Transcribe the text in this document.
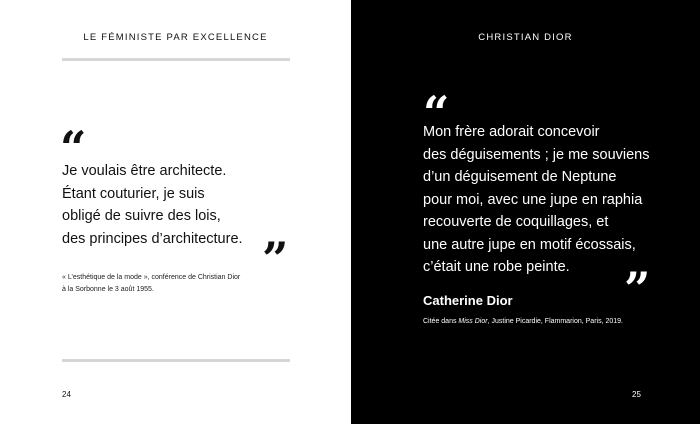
LE FÉMINISTE PAR EXCELLENCE
“
Je voulais être architecte.
Étant couturier, je suis
obligé de suivre des lois,
des principes d’architecture. ”
« L’esthétique de la mode », conférence de Christian Dior
à la Sorbonne le 3 août 1955.
24
CHRISTIAN DIOR
“
Mon frère adorait concevoir
des déguisements ; je me souviens
d’un déguisement de Neptune
pour moi, avec une jupe en raphia
recouverte de coquillages, et
une autre jupe en motif écossais,
c’était une robe peinte.	”
Catherine Dior
Citée dans Miss Dior, Justine Picardie, Flammarion, Paris, 2019.
25
